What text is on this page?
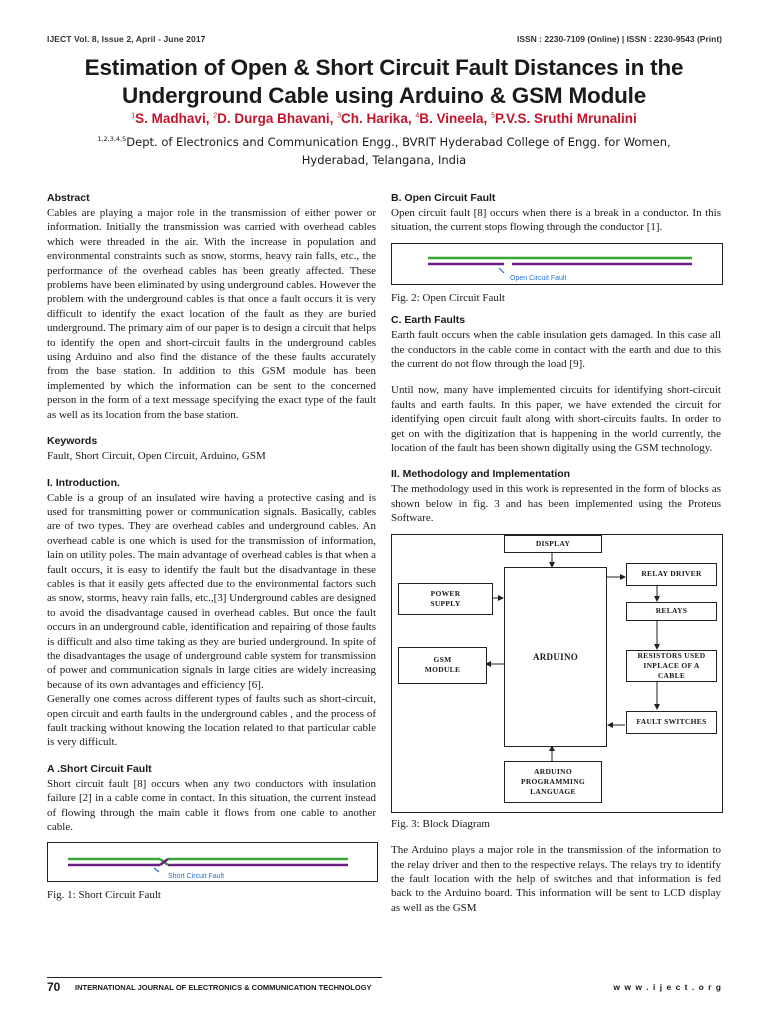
IJECT Vol. 8, Issue 2, April - June 2017	ISSN : 2230-7109 (Online) | ISSN : 2230-9543 (Print)
Estimation of Open & Short Circuit Fault Distances in the
Underground Cable using Arduino & GSM Module
$^1$S. Madhavi, $^2$D. Durga Bhavani, $^3$Ch. Harika, $^4$B. Vineela, $^5$P.V.S. Sruthi Mrunalini
$^{1,2,3,4,5}$Dept. of Electronics and Communication Engg., BVRIT Hyderabad College of Engg. for Women,
Hyderabad, Telangana, India

Abstract

Cables are playing a major role in the transmission of either power or information. Initially the transmission was carried with overhead cables which were threaded in the air. With the increase in population and environmental constraints such as snow, storms, heavy rain falls, etc., the performance of the overhead cables has been greatly affected. These problems have been eliminated by using underground cables. However the problem with the underground cables is that once a fault occurs it is very difficult to identify the exact location of the fault as they are buried underground. The primary aim of our paper is to design a circuit that helps to identify the open and short-circuit faults in the underground cables using Arduino and also find the distance of the these faults accurately from the base station. In addition to this GSM module has been implemented by which the information can be sent to the concerned person in the form of a text message specifying the exact type of the fault as well as its location from the base station.

Keywords

Fault, Short Circuit, Open Circuit, Arduino, GSM

I. Introduction.

Cable is a group of an insulated wire having a protective casing and is used for transmitting power or communication signals. Basically, cables are of two types. They are overhead cables and underground cables. An overhead cable is one which is used for the transmission of information, lain on utility poles. The main advantage of overhead cables is that when a fault occurs, it is easy to identify the fault but the disadvantage in these cables is that it easily gets affected due to the environmental factors such as snow, storms, heavy rain falls, etc.,[3] Underground cables are designed to avoid the disadvantage caused in overhead cables. But once the fault occurs in an underground cable, identification and repairing of those faults is difficult and also time taking as they are buried underground. In spite of the disadvantages the usage of underground cable system for transmission of power and communication signals in large cities are widely increasing because of its own advantages and efficiency [6].

Generally one comes across different types of faults such as short-circuit, open circuit and earth faults in the underground cables , and the process of fault tracking without knowing the location related to that particular cable is very difficult.

A .Short Circuit Fault

Short circuit fault [8] occurs when any two conductors with insulation failure [2] in a cable come in contact. In this situation, the current instead of flowing through the main cable it flows from one cable to another cable.

Short Circuit Fault

Fig. 1: Short Circuit Fault

B. Open Circuit Fault

Open circuit fault [8] occurs when there is a break in a conductor. In this situation, the current stops flowing through the conductor [1].

Open Circuit Fault

Fig. 2: Open Circuit Fault

C. Earth Faults

Earth fault occurs when the cable insulation gets damaged. In this case all the conductors in the cable come in contact with the earth and due to this the current do not flow through the load [9].

Until now, many have implemented circuits for identifying short-circuit faults and earth faults. In this paper, we have extended the circuit for identifying open circuit fault along with short-circuits faults. In order to get on with the digitization that is happening in the world currently, the location of the fault has been shown digitally using the GSM technology.

II. Methodology and Implementation

The methodology used in this work is represented in the form of blocks as shown below in fig. 3 and has been implemented using the Proteus Software.

DISPLAY
ARDUINO
POWER
SUPPLY
GSM
MODULE
RELAY DRIVER
RELAYS
RESISTORS USED
INPLACE OF A
CABLE
FAULT SWITCHES
ARDUINO
PROGRAMMING
LANGUAGE

Fig. 3: Block Diagram

The Arduino plays a major role in the transmission of the information to the relay driver and then to the respective relays. The relays try to identify the fault location with the help of switches and that information is fed back to the Arduino board. This information will be sent to LCD display as well as the GSM

70 INTERNATIONAL JOURNAL OF ELECTRONICS & COMMUNICATION TECHNOLOGY	w w w . i j e c t . o r g
